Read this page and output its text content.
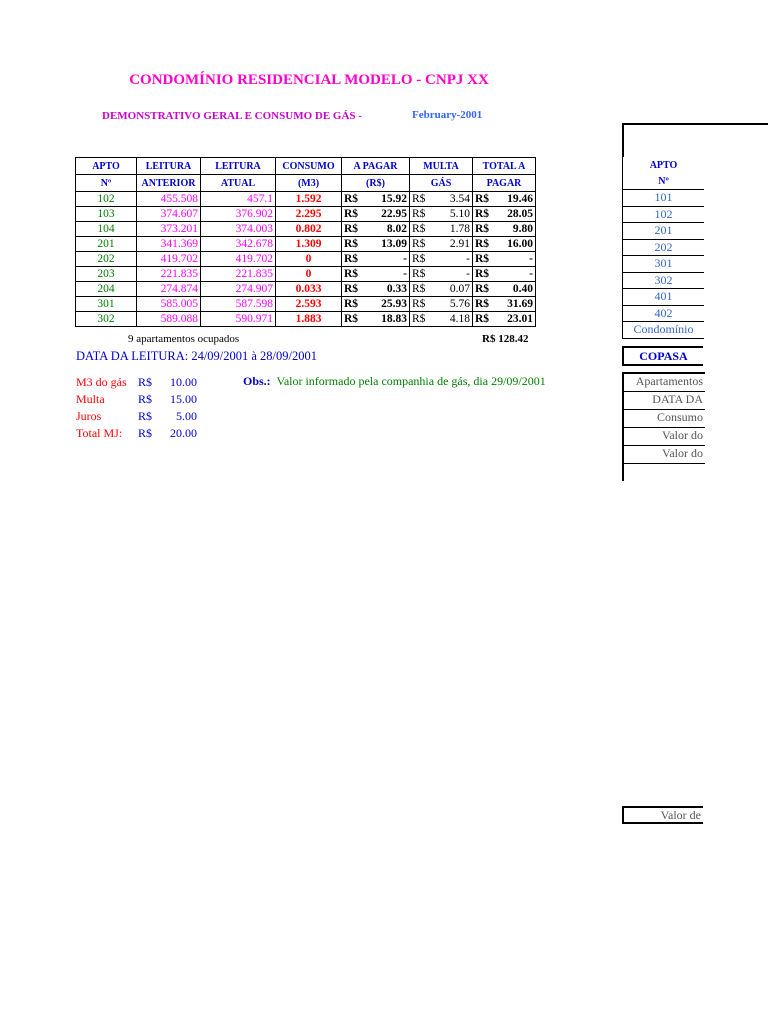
CONDOMÍNIO RESIDENCIAL MODELO - CNPJ XX
DEMONSTRATIVO GERAL E CONSUMO DE GÁS -	February-2001
APTO	LEITURA	LEITURA	CONSUMO	A PAGAR	MULTA	TOTAL A
Nº	ANTERIOR	ATUAL	(M3)	(R$)	GÁS	PAGAR
102	455.508	457.1	1.592	R$ 15.92	R$ 3.54	R$ 19.46

103	374.607	376.902	2.295	R$ 22.95	R$ 5.10	R$ 28.05

104	373.201	374.003	0.802	R$ 8.02	R$ 1.78	R$ 9.80

201	341.369	342.678	1.309	R$ 13.09	R$ 2.91	R$ 16.00

202	419.702	419.702	0	R$ -	R$ -	R$ -

203	221.835	221.835	0	R$ -	R$ -	R$ -

204	274.874	274.907	0.033	R$ 0.33	R$ 0.07	R$ 0.40

301	585.005	587.598	2.593	R$ 25.93	R$ 5.76	R$ 31.69

302	589.088	590.971	1.883	R$ 18.83	R$ 4.18	R$ 23.01
9 apartamentos ocupados	R$ 128.42
DATA DA LEITURA: 24/09/2001 à 28/09/2001
M3 do gás R$	10.00
Multa	R$	15.00
Juros	R$	5.00
Total MJ:	R$	20.00
Obs.: Valor informado pela companhia de gás, dia 29/09/2001
APTO
Nº
101
102
201
202
301
302
401
402
Condomínio
COPASA
Apartamentos
DATA DA
Consumo
Valor do
Valor do
Valor de
